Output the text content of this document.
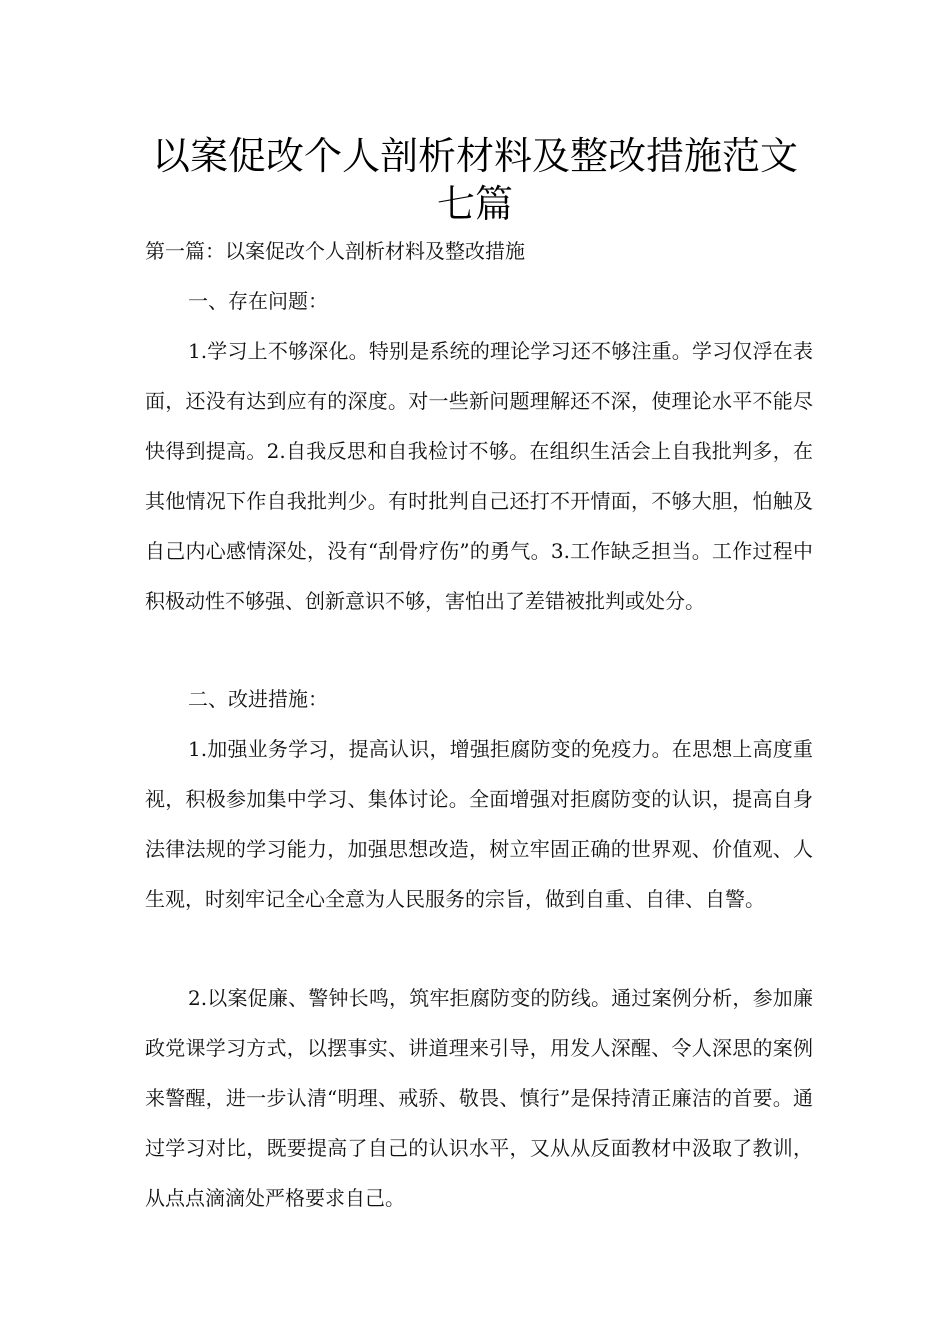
以案促改个人剖析材料及整改措施范文
七篇
第一篇：以案促改个人剖析材料及整改措施
一、存在问题：

1.学习上不够深化。特别是系统的理论学习还不够注重。学习仅浮在表面，还没有达到应有的深度。对一些新问题理解还不深，使理论水平不能尽快得到提高。2.自我反思和自我检讨不够。在组织生活会上自我批判多，在其他情况下作自我批判少。有时批判自己还打不开情面，不够大胆，怕触及自己内心感情深处，没有“刮骨疗伤”的勇气。3.工作缺乏担当。工作过程中积极动性不够强、创新意识不够，害怕出了差错被批判或处分。

二、改进措施：

1.加强业务学习，提高认识，增强拒腐防变的免疫力。在思想上高度重视，积极参加集中学习、集体讨论。全面增强对拒腐防变的认识，提高自身法律法规的学习能力，加强思想改造，树立牢固正确的世界观、价值观、人生观，时刻牢记全心全意为人民服务的宗旨，做到自重、自律、自警。

2.以案促廉、警钟长鸣，筑牢拒腐防变的防线。通过案例分析，参加廉政党课学习方式，以摆事实、讲道理来引导，用发人深醒、令人深思的案例来警醒，进一步认清“明理、戒骄、敬畏、慎行”是保持清正廉洁的首要。通过学习对比，既要提高了自己的认识水平，又从从反面教材中汲取了教训，从点点滴滴处严格要求自己。
